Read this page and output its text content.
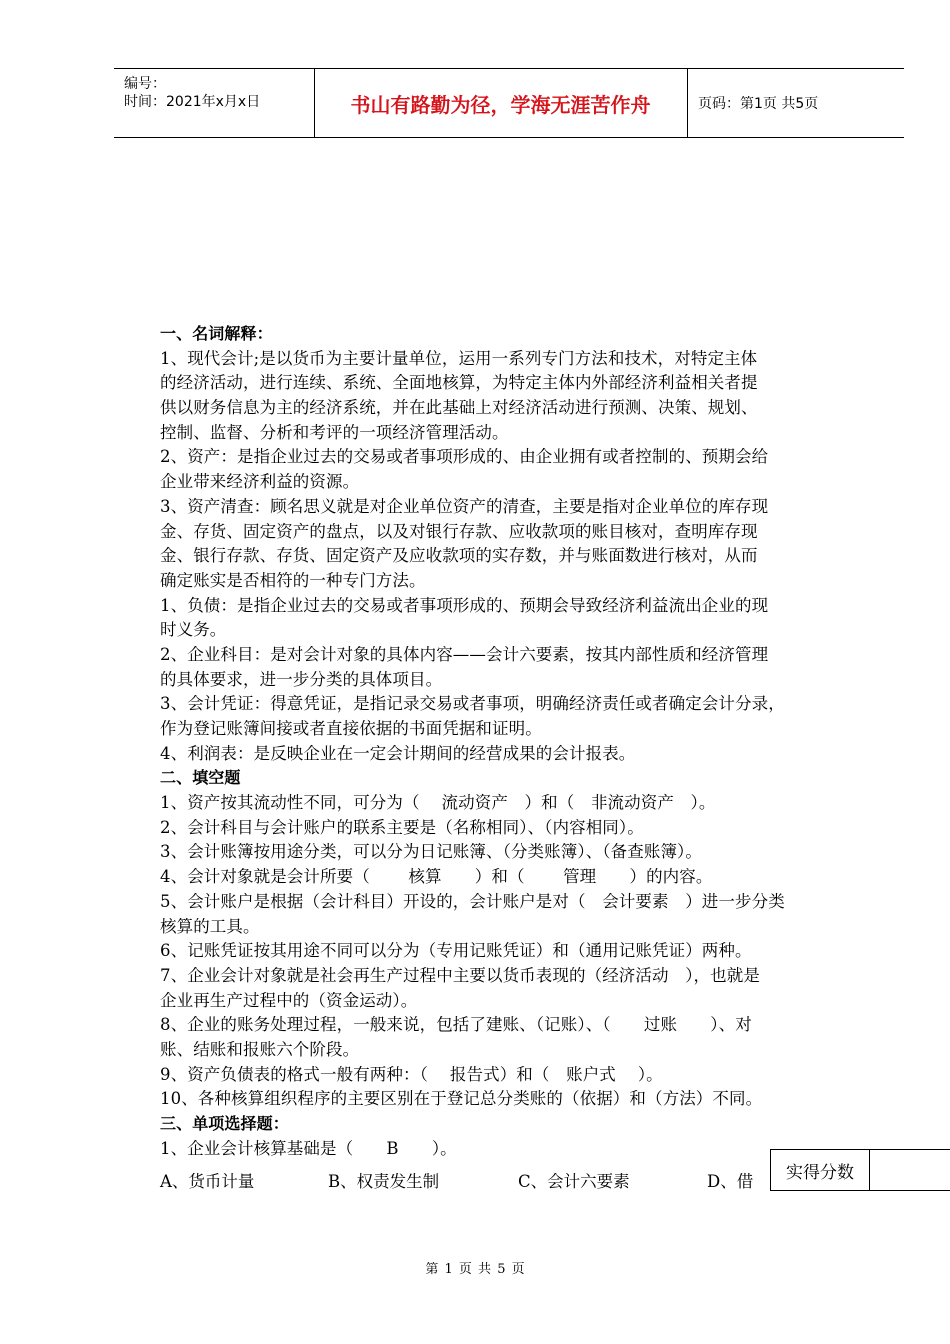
编号：
时间：2021年x月x日	书山有路勤为径，学海无涯苦作舟	页码：第1页 共5页
一、名词解释：
1、现代会计;是以货币为主要计量单位，运用一系列专门方法和技术，对特定主体
的经济活动，进行连续、系统、全面地核算，为特定主体内外部经济利益相关者提
供以财务信息为主的经济系统，并在此基础上对经济活动进行预测、决策、规划、
控制、监督、分析和考评的一项经济管理活动。
2、资产：是指企业过去的交易或者事项形成的、由企业拥有或者控制的、预期会给
企业带来经济利益的资源。
3、资产清查：顾名思义就是对企业单位资产的清查，主要是指对企业单位的库存现
金、存货、固定资产的盘点，以及对银行存款、应收款项的账目核对，查明库存现
金、银行存款、存货、固定资产及应收款项的实存数，并与账面数进行核对，从而
确定账实是否相符的一种专门方法。
1、负债：是指企业过去的交易或者事项形成的、预期会导致经济利益流出企业的现
时义务。
2、企业科目：是对会计对象的具体内容——会计六要素，按其内部性质和经济管理
的具体要求，进一步分类的具体项目。
3、会计凭证：得意凭证，是指记录交易或者事项，明确经济责任或者确定会计分录，
作为登记账簿间接或者直接依据的书面凭据和证明。
4、利润表：是反映企业在一定会计期间的经营成果的会计报表。
二、填空题
1、资产按其流动性不同，可分为（　 流动资产　）和（　非流动资产　）。
2、会计科目与会计账户的联系主要是（名称相同）、（内容相同）。
3、会计账簿按用途分类，可以分为日记账簿、（分类账簿）、（备查账簿）。
4、会计对象就是会计所要（　　 核算　　）和（　　 管理　　）的内容。
5、会计账户是根据（会计科目）开设的，会计账户是对（　会计要素　）进一步分类
核算的工具。
6、记账凭证按其用途不同可以分为（专用记账凭证）和（通用记账凭证）两种。
7、企业会计对象就是社会再生产过程中主要以货币表现的（经济活动　），也就是
企业再生产过程中的（资金运动）。
8、企业的账务处理过程，一般来说，包括了建账、（记账）、（　　过账　　）、对
账、结账和报账六个阶段。
9、资产负债表的格式一般有两种：（　 报告式）和（　账户式　 ）。
10、各种核算组织程序的主要区别在于登记总分类账的（依据）和（方法）不同。
三、单项选择题：
1、企业会计核算基础是（　　B　　）。
A、货币计量	B、权责发生制	C、会计六要素	D、借	实得分数
第 1 页 共 5 页
